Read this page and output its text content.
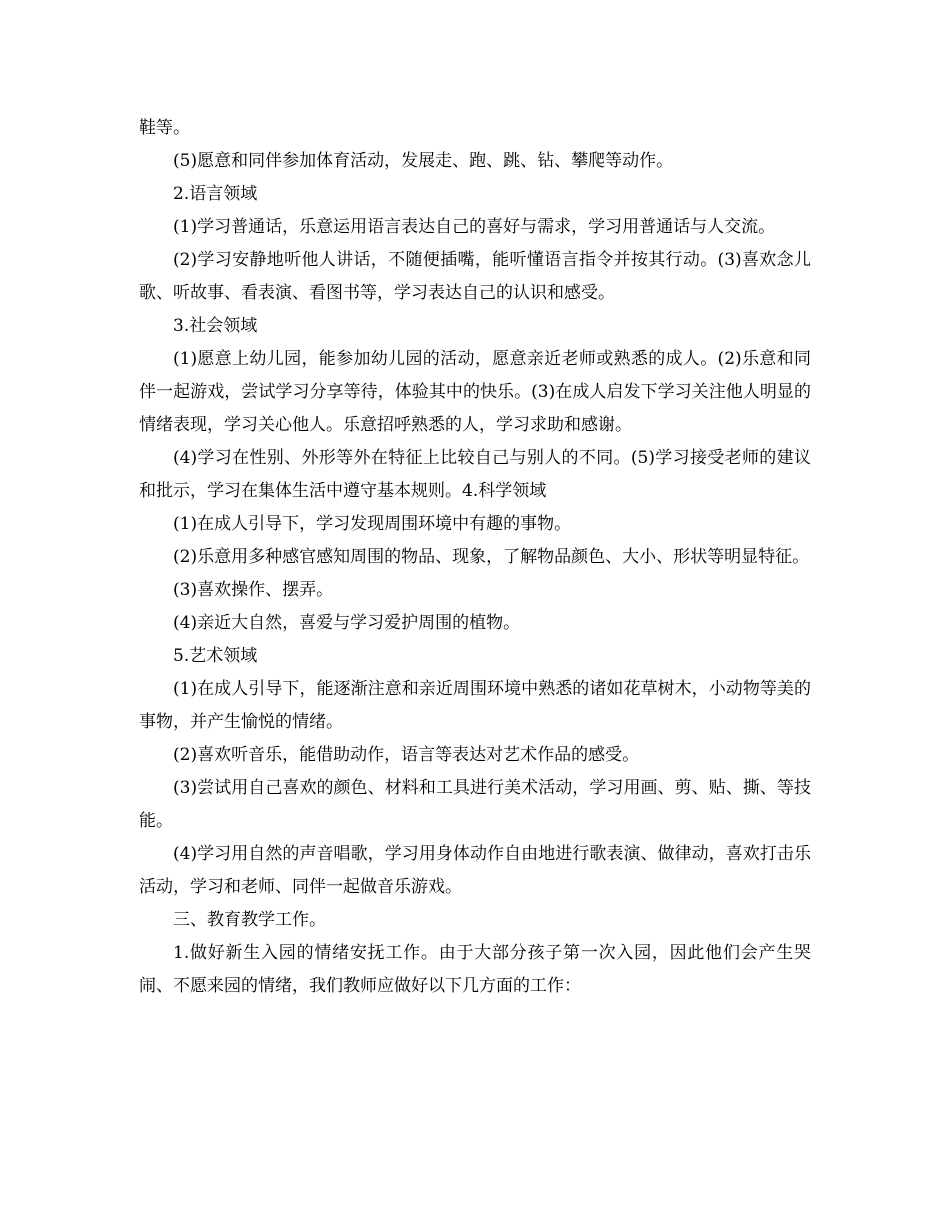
鞋等。

(5)愿意和同伴参加体育活动，发展走、跑、跳、钻、攀爬等动作。

2.语言领域

(1)学习普通话，乐意运用语言表达自己的喜好与需求，学习用普通话与人交流。

(2)学习安静地听他人讲话，不随便插嘴，能听懂语言指令并按其行动。(3)喜欢念儿歌、听故事、看表演、看图书等，学习表达自己的认识和感受。

3.社会领域

(1)愿意上幼儿园，能参加幼儿园的活动，愿意亲近老师或熟悉的成人。(2)乐意和同伴一起游戏，尝试学习分享等待，体验其中的快乐。(3)在成人启发下学习关注他人明显的情绪表现，学习关心他人。乐意招呼熟悉的人，学习求助和感谢。

(4)学习在性别、外形等外在特征上比较自己与别人的不同。(5)学习接受老师的建议和批示，学习在集体生活中遵守基本规则。4.科学领域

(1)在成人引导下，学习发现周围环境中有趣的事物。

(2)乐意用多种感官感知周围的物品、现象，了解物品颜色、大小、形状等明显特征。

(3)喜欢操作、摆弄。

(4)亲近大自然，喜爱与学习爱护周围的植物。

5.艺术领域

(1)在成人引导下，能逐渐注意和亲近周围环境中熟悉的诸如花草树木，小动物等美的事物，并产生愉悦的情绪。

(2)喜欢听音乐，能借助动作，语言等表达对艺术作品的感受。

(3)尝试用自己喜欢的颜色、材料和工具进行美术活动，学习用画、剪、贴、撕、等技能。

(4)学习用自然的声音唱歌，学习用身体动作自由地进行歌表演、做律动，喜欢打击乐活动，学习和老师、同伴一起做音乐游戏。

三、教育教学工作。

1.做好新生入园的情绪安抚工作。由于大部分孩子第一次入园，因此他们会产生哭闹、不愿来园的情绪，我们教师应做好以下几方面的工作：
